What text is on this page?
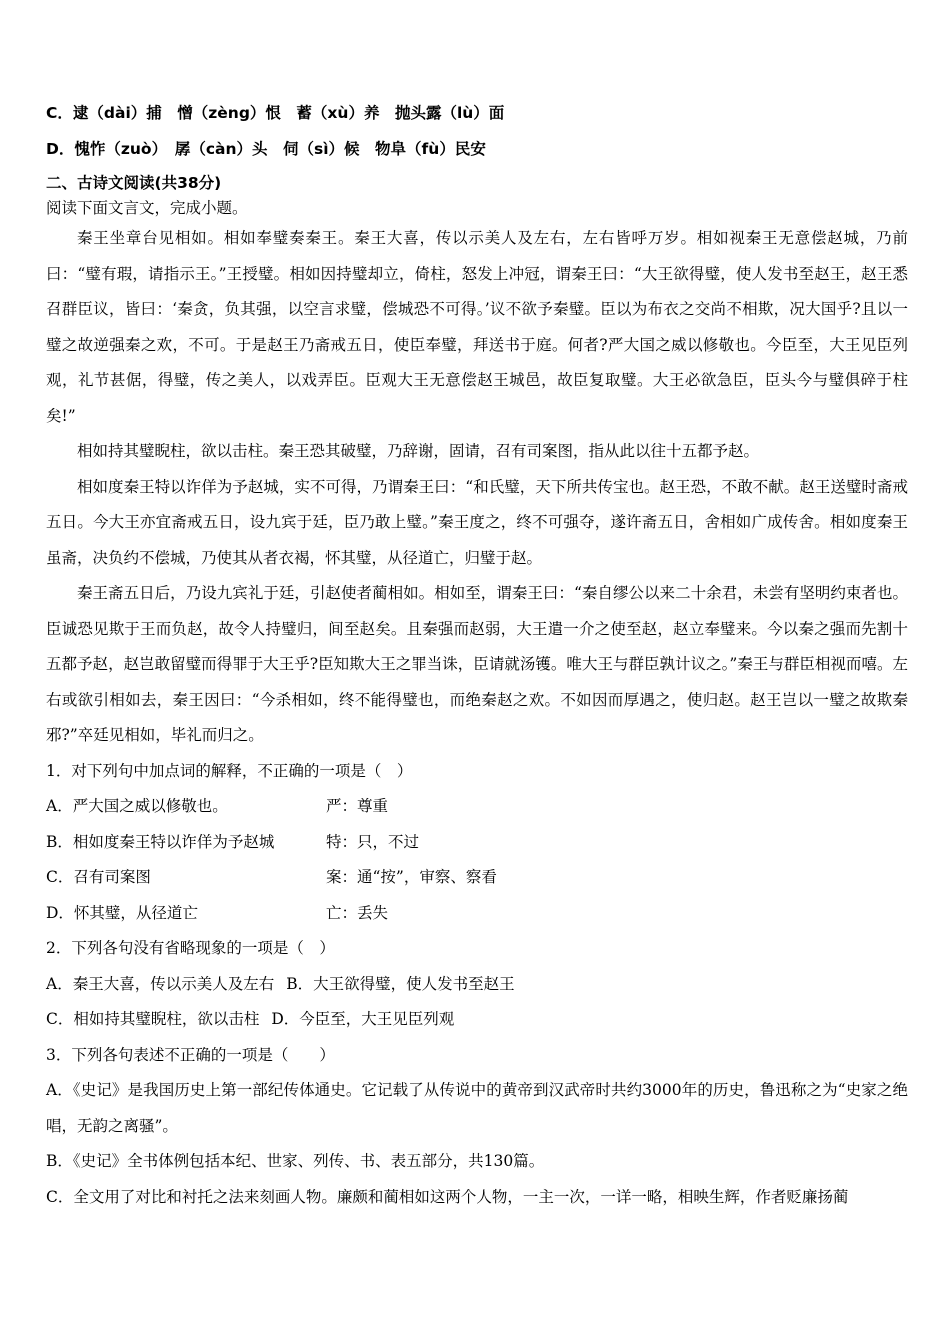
C．逮（dài）捕　憎（zèng）恨　蓄（xù）养　抛头露（lù）面
D．愧怍（zuò）　孱（càn）头　伺（sì）候　物阜（fù）民安
二、古诗文阅读(共38分)
阅读下面文言文，完成小题。
秦王坐章台见相如。相如奉璧奏秦王。秦王大喜，传以示美人及左右，左右皆呼万岁。相如视秦王无意偿赵城，乃前曰：“璧有瑕，请指示王。”王授璧。相如因持璧却立，倚柱，怒发上冲冠，谓秦王曰：“大王欲得璧，使人发书至赵王，赵王悉召群臣议，皆曰：‘秦贪，负其强，以空言求璧，偿城恐不可得。’议不欲予秦璧。臣以为布衣之交尚不相欺，况大国乎?且以一璧之故逆强秦之欢，不可。于是赵王乃斋戒五日，使臣奉璧，拜送书于庭。何者?严大国之威以修敬也。今臣至，大王见臣列观，礼节甚倨，得璧，传之美人，以戏弄臣。臣观大王无意偿赵王城邑，故臣复取璧。大王必欲急臣，臣头今与璧俱碎于柱矣!”
相如持其璧睨柱，欲以击柱。秦王恐其破璧，乃辞谢，固请，召有司案图，指从此以往十五都予赵。
相如度秦王特以诈佯为予赵城，实不可得，乃谓秦王曰：“和氏璧，天下所共传宝也。赵王恐，不敢不献。赵王送璧时斋戒五日。今大王亦宜斋戒五日，设九宾于廷，臣乃敢上璧。”秦王度之，终不可强夺，遂许斋五日，舍相如广成传舍。相如度秦王虽斋，决负约不偿城，乃使其从者衣褐，怀其璧，从径道亡，归璧于赵。
秦王斋五日后，乃设九宾礼于廷，引赵使者蔺相如。相如至，谓秦王曰：“秦自缪公以来二十余君，未尝有坚明约束者也。臣诚恐见欺于王而负赵，故令人持璧归，间至赵矣。且秦强而赵弱，大王遣一介之使至赵，赵立奉璧来。今以秦之强而先割十五都予赵，赵岂敢留璧而得罪于大王乎?臣知欺大王之罪当诛，臣请就汤镬。唯大王与群臣孰计议之。”秦王与群臣相视而嘻。左右或欲引相如去，秦王因曰：“今杀相如，终不能得璧也，而绝秦赵之欢。不如因而厚遇之，使归赵。赵王岂以一璧之故欺秦邪?”卒廷见相如，毕礼而归之。
1．对下列句中加点词的解释，不正确的一项是（　）
A．严大国之威以修敬也。	严：尊重
B．相如度秦王特以诈佯为予赵城	特：只，不过
C．召有司案图	案：通“按”，审察、察看
D．怀其璧，从径道亡 .	亡：丢失
2．下列各句没有省略现象的一项是（　）
A．秦王大喜，传以示美人及左右 B．大王欲得璧，使人发书至赵王
C．相如持其璧睨柱，欲以击柱 D．今臣至，大王见臣列观
3．下列各句表述不正确的一项是（　　）
A．《史记》是我国历史上第一部纪传体通史。它记载了从传说中的黄帝到汉武帝时共约3000年的历史，鲁迅称之为“史家之绝唱，无韵之离骚”。
B．《史记》全书体例包括本纪、世家、列传、书、表五部分，共130篇。
C．全文用了对比和衬托之法来刻画人物。廉颇和蔺相如这两个人物，一主一次，一详一略，相映生辉，作者贬廉扬蔺
